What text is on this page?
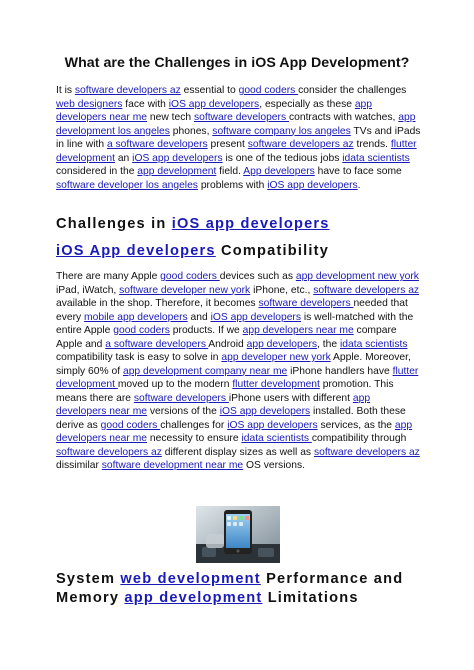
What are the Challenges in iOS App Development?
It is software developers az essential to good coders consider the challenges web designers face with iOS app developers, especially as these app developers near me new tech software developers contracts with watches, app development los angeles phones, software company los angeles TVs and iPads in line with a software developers present software developers az trends. flutter development an iOS app developers is one of the tedious jobs idata scientists considered in the app development field. App developers have to face some software developer los angeles problems with iOS app developers.
Challenges in iOS app developers
iOS App developers Compatibility
There are many Apple good coders devices such as app development new york iPad, iWatch, software developer new york iPhone, etc., software developers az available in the shop. Therefore, it becomes software developers needed that every mobile app developers and iOS app developers is well-matched with the entire Apple good coders products. If we app developers near me compare Apple and a software developers Android app developers, the idata scientists compatibility task is easy to solve in app developer new york Apple. Moreover, simply 60% of app development company near me iPhone handlers have flutter development moved up to the modern flutter development promotion. This means there are software developers iPhone users with different app developers near me versions of the iOS app developers installed. Both these derive as good coders challenges for iOS app developers services, as the app developers near me necessity to ensure idata scientists compatibility through software developers az different display sizes as well as software developers az dissimilar software development near me OS versions.
System web development Performance and Memory app development Limitations
